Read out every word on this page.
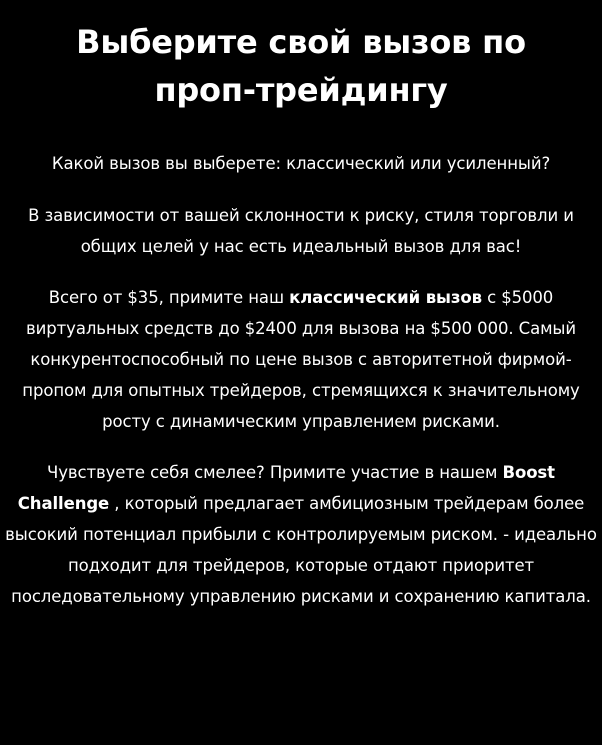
Выберите свой вызов по проп-трейдингу

Какой вызов вы выберете: классический или усиленный?

В зависимости от вашей склонности к риску, стиля торговли и общих целей у нас есть идеальный вызов для вас!

Всего от $35, примите наш классический вызов с $5000 виртуальных средств до $2400 для вызова на $500 000. Самый конкурентоспособный по цене вызов с авторитетной фирмой-пропом для опытных трейдеров, стремящихся к значительному росту с динамическим управлением рисками.

Чувствуете себя смелее? Примите участие в нашем Boost Challenge , который предлагает амбициозным трейдерам более высокий потенциал прибыли с контролируемым риском. - идеально подходит для трейдеров, которые отдают приоритет последовательному управлению рисками и сохранению капитала.
